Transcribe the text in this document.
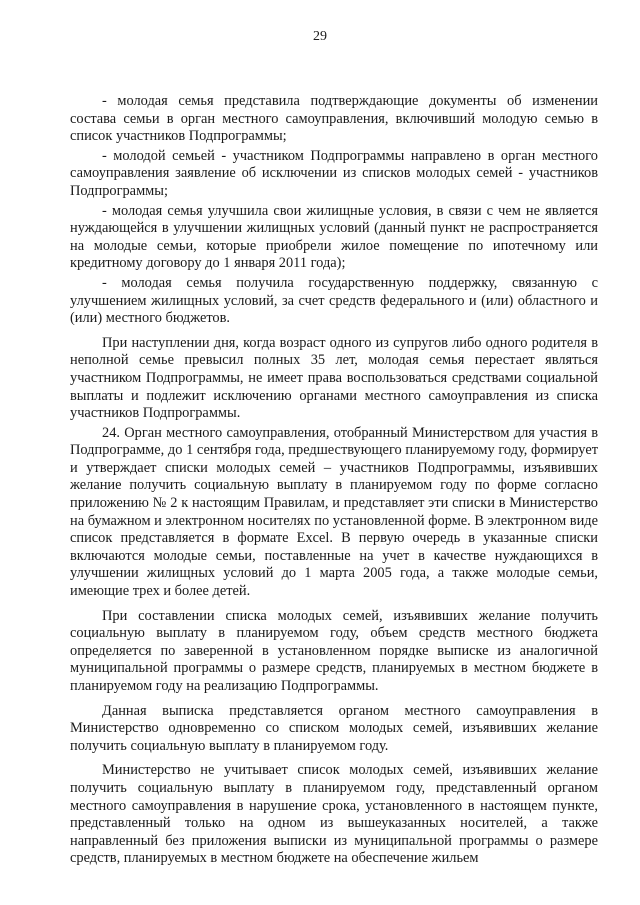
29

- молодая семья представила подтверждающие документы об изменении состава семьи в орган местного самоуправления, включивший молодую семью в список участников Подпрограммы;

- молодой семьей - участником Подпрограммы направлено в орган местного самоуправления заявление об исключении из списков молодых семей - участников Подпрограммы;

- молодая семья улучшила свои жилищные условия, в связи с чем не является нуждающейся в улучшении жилищных условий (данный пункт не распространяется на молодые семьи, которые приобрели жилое помещение по ипотечному или кредитному договору до 1 января 2011 года);

- молодая семья получила государственную поддержку, связанную с улучшением жилищных условий, за счет средств федерального и (или) областного и (или) местного бюджетов.

При наступлении дня, когда возраст одного из супругов либо одного родителя в неполной семье превысил полных 35 лет, молодая семья перестает являться участником Подпрограммы, не имеет права воспользоваться средствами социальной выплаты и подлежит исключению органами местного самоуправления из списка участников Подпрограммы.

24. Орган местного самоуправления, отобранный Министерством для участия в Подпрограмме, до 1 сентября года, предшествующего планируемому году, формирует и утверждает списки молодых семей – участников Подпрограммы, изъявивших желание получить социальную выплату в планируемом году по форме согласно приложению № 2 к настоящим Правилам, и представляет эти списки в Министерство на бумажном и электронном носителях по установленной форме. В электронном виде список представляется в формате Excel. В первую очередь в указанные списки включаются молодые семьи, поставленные на учет в качестве нуждающихся в улучшении жилищных условий до 1 марта 2005 года, а также молодые семьи, имеющие трех и более детей.

При составлении списка молодых семей, изъявивших желание получить социальную выплату в планируемом году, объем средств местного бюджета определяется по заверенной в установленном порядке выписке из аналогичной муниципальной программы о размере средств, планируемых в местном бюджете в планируемом году на реализацию Подпрограммы.

Данная выписка представляется органом местного самоуправления в Министерство одновременно со списком молодых семей, изъявивших желание получить социальную выплату в планируемом году.

Министерство не учитывает список молодых семей, изъявивших желание получить социальную выплату в планируемом году, представленный органом местного самоуправления в нарушение срока, установленного в настоящем пункте, представленный только на одном из вышеуказанных носителей, а также направленный без приложения выписки из муниципальной программы о размере средств, планируемых в местном бюджете на обеспечение жильем
